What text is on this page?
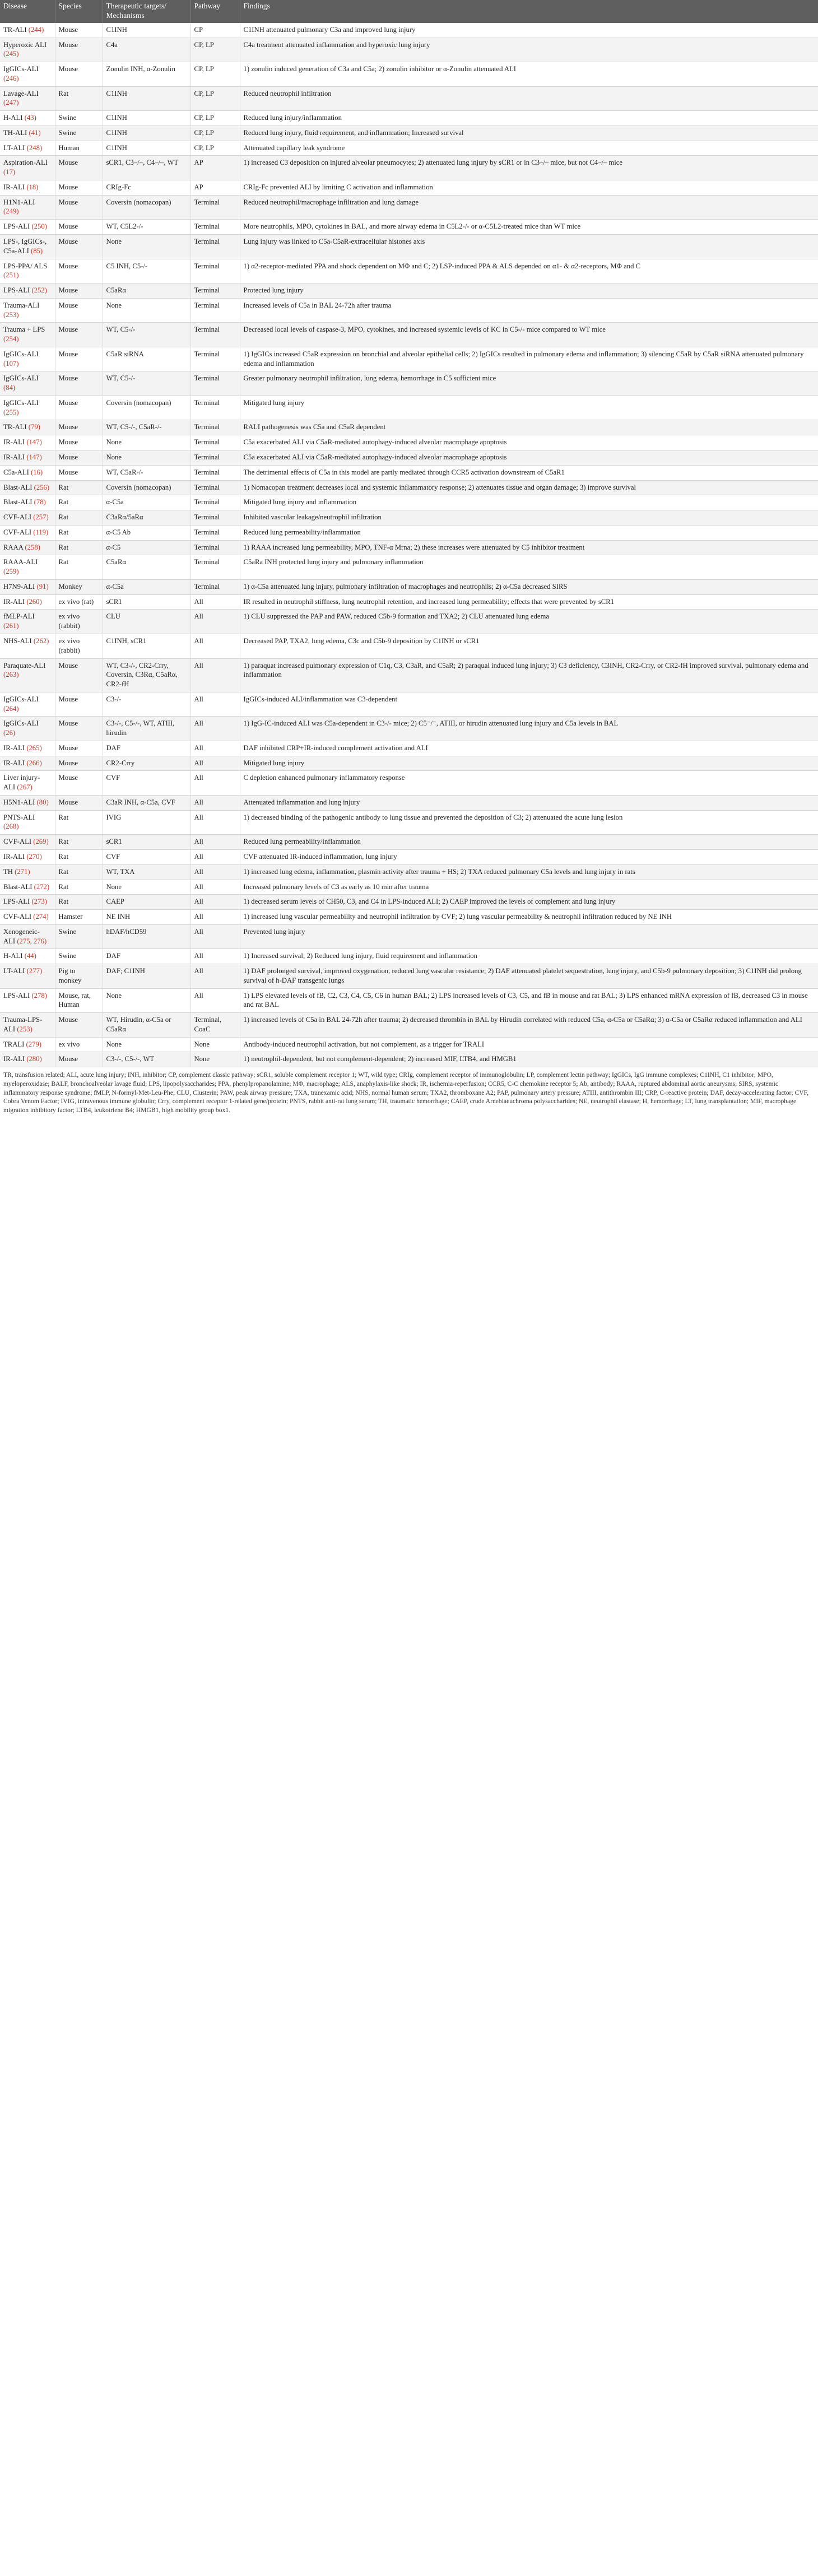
Disease	Species	Therapeutic targets/ Mechanisms	Pathway	Findings
TR-ALI (244)	Mouse	C1INH	CP	C1INH attenuated pulmonary C3a and improved lung injury
Hyperoxic ALI (245)	Mouse	C4a	CP, LP	C4a treatment attenuated inflammation and hyperoxic lung injury
IgGICs-ALI (246)	Mouse	Zonulin INH, α-Zonulin	CP, LP	1) zonulin induced generation of C3a and C5a; 2) zonulin inhibitor or α-Zonulin attenuated ALI
Lavage-ALI (247)	Rat	C1INH	CP, LP	Reduced neutrophil infiltration
H-ALI (43)	Swine	C1INH	CP, LP	Reduced lung injury/inflammation
TH-ALI (41)	Swine	C1INH	CP, LP	Reduced lung injury, fluid requirement, and inflammation; Increased survival
LT-ALI (248)	Human	C1INH	CP, LP	Attenuated capillary leak syndrome
Aspiration-ALI (17)	Mouse	sCR1, C3–/–, C4–/–, WT	AP	1) increased C3 deposition on injured alveolar pneumocytes; 2) attenuated lung injury by sCR1 or in C3–/– mice, but not C4–/– mice
IR-ALI (18)	Mouse	CRIg-Fc	AP	CRIg-Fc prevented ALI by limiting C activation and inflammation
H1N1-ALI (249)	Mouse	Coversin (nomacopan)	Terminal	Reduced neutrophil/macrophage infiltration and lung damage
LPS-ALI (250)	Mouse	WT, C5L2-/-	Terminal	More neutrophils, MPO, cytokines in BAL, and more airway edema in C5L2-/- or α-C5L2-treated mice than WT mice
LPS-, IgGICs-, C5a-ALI (85)	Mouse	None	Terminal	Lung injury was linked to C5a-C5aR-extracellular histones axis
LPS-PPA/ ALS (251)	Mouse	C5 INH, C5-/-	Terminal	1) α2-receptor-mediated PPA and shock dependent on MΦ and C; 2) LSP-induced PPA & ALS depended on α1- & α2-receptors, MΦ and C
LPS-ALI (252)	Mouse	C5aRα	Terminal	Protected lung injury
Trauma-ALI (253)	Mouse	None	Terminal	Increased levels of C5a in BAL 24-72h after trauma
Trauma + LPS (254)	Mouse	WT, C5-/-	Terminal	Decreased local levels of caspase-3, MPO, cytokines, and increased systemic levels of KC in C5-/- mice compared to WT mice
IgGICs-ALI (107)	Mouse	C5aR siRNA	Terminal	1) IgGICs increased C5aR expression on bronchial and alveolar epithelial cells; 2) IgGICs resulted in pulmonary edema and inflammation; 3) silencing C5aR by C5aR siRNA attenuated pulmonary edema and inflammation
IgGICs-ALI (84)	Mouse	WT, C5-/-	Terminal	Greater pulmonary neutrophil infiltration, lung edema, hemorrhage in C5 sufficient mice
IgGICs-ALI (255)	Mouse	Coversin (nomacopan)	Terminal	Mitigated lung injury
TR-ALI (79)	Mouse	WT, C5-/-, C5aR-/-	Terminal	RALI pathogenesis was C5a and C5aR dependent
IR-ALI (147)	Mouse	None	Terminal	C5a exacerbated ALI via C5aR-mediated autophagy-induced alveolar macrophage apoptosis
IR-ALI (147)	Mouse	None	Terminal	C5a exacerbated ALI via C5aR-mediated autophagy-induced alveolar macrophage apoptosis
C5a-ALI (16)	Mouse	WT, C5aR-/-	Terminal	The detrimental effects of C5a in this model are partly mediated through CCR5 activation downstream of C5aR1
Blast-ALI (256)	Rat	Coversin (nomacopan)	Terminal	1) Nomacopan treatment decreases local and systemic inflammatory response; 2) attenuates tissue and organ damage; 3) improve survival
Blast-ALI (78)	Rat	α-C5a	Terminal	Mitigated lung injury and inflammation
CVF-ALI (257)	Rat	C3aRα/5aRα	Terminal	Inhibited vascular leakage/neutrophil infiltration
CVF-ALI (119)	Rat	α-C5 Ab	Terminal	Reduced lung permeability/inflammation
RAAA (258)	Rat	α-C5	Terminal	1) RAAA increased lung permeability, MPO, TNF-α Mrna; 2) these increases were attenuated by C5 inhibitor treatment
RAAA-ALI (259)	Rat	C5aRα	Terminal	C5aRa INH protected lung injury and pulmonary inflammation
H7N9-ALI (91)	Monkey	α-C5a	Terminal	1) α-C5a attenuated lung injury, pulmonary infiltration of macrophages and neutrophils; 2) α-C5a decreased SIRS
IR-ALI (260)	ex vivo (rat)	sCR1	All	IR resulted in neutrophil stiffness, lung neutrophil retention, and increased lung permeability; effects that were prevented by sCR1
fMLP-ALI (261)	ex vivo (rabbit)	CLU	All	1) CLU suppressed the PAP and PAW, reduced C5b-9 formation and TXA2; 2) CLU attenuated lung edema
NHS-ALI (262)	ex vivo (rabbit)	C1INH, sCR1	All	Decreased PAP, TXA2, lung edema, C3c and C5b-9 deposition by C1INH or sCR1
Paraquate-ALI (263)	Mouse	WT, C3-/-, CR2-Crry, Coversin, C3Rα, C5aRα, CR2-fH	All	1) paraquat increased pulmonary expression of C1q, C3, C3aR, and C5aR; 2) paraqual induced lung injury; 3) C3 deficiency, C3INH, CR2-Crry, or CR2-fH improved survival, pulmonary edema and inflammation
IgGICs-ALI (264)	Mouse	C3-/-	All	IgGICs-induced ALI/inflammation was C3-dependent
IgGICs-ALI (26)	Mouse	C3-/-, C5-/-, WT, ATIII, hirudin	All	1) IgG-IC-induced ALI was C5a-dependent in C3-/- mice; 2) C5⁻/⁻, ATIII, or hirudin attenuated lung injury and C5a levels in BAL
IR-ALI (265)	Mouse	DAF	All	DAF inhibited CRP+IR-induced complement activation and ALI
IR-ALI (266)	Mouse	CR2-Crry	All	Mitigated lung injury
Liver injury-ALI (267)	Mouse	CVF	All	C depletion enhanced pulmonary inflammatory response
H5N1-ALI (80)	Mouse	C3aR INH, α-C5a, CVF	All	Attenuated inflammation and lung injury
PNTS-ALI (268)	Rat	IVIG	All	1) decreased binding of the pathogenic antibody to lung tissue and prevented the deposition of C3; 2) attenuated the acute lung lesion
CVF-ALI (269)	Rat	sCR1	All	Reduced lung permeability/inflammation
IR-ALI (270)	Rat	CVF	All	CVF attenuated IR-induced inflammation, lung injury
TH (271)	Rat	WT, TXA	All	1) increased lung edema, inflammation, plasmin activity after trauma + HS; 2) TXA reduced pulmonary C5a levels and lung injury in rats
Blast-ALI (272)	Rat	None	All	Increased pulmonary levels of C3 as early as 10 min after trauma
LPS-ALI (273)	Rat	CAEP	All	1) decreased serum levels of CH50, C3, and C4 in LPS-induced ALI; 2) CAEP improved the levels of complement and lung injury
CVF-ALI (274)	Hamster	NE INH	All	1) increased lung vascular permeability and neutrophil infiltration by CVF; 2) lung vascular permeability & neutrophil infiltration reduced by NE INH
Xenogeneic-ALI (275, 276)	Swine	hDAF/hCD59	All	Prevented lung injury
H-ALI (44)	Swine	DAF	All	1) Increased survival; 2) Reduced lung injury, fluid requirement and inflammation
LT-ALI (277)	Pig to monkey	DAF; C1INH	All	1) DAF prolonged survival, improved oxygenation, reduced lung vascular resistance; 2) DAF attenuated platelet sequestration, lung injury, and C5b-9 pulmonary deposition; 3) C1INH did prolong survival of h-DAF transgenic lungs
LPS-ALI (278)	Mouse, rat, Human	None	All	1) LPS elevated levels of fB, C2, C3, C4, C5, C6 in human BAL; 2) LPS increased levels of C3, C5, and fB in mouse and rat BAL; 3) LPS enhanced mRNA expression of fB, decreased C3 in mouse and rat BAL
Trauma-LPS-ALI (253)	Mouse	WT, Hirudin, α-C5a or C5aRα	Terminal, CoaC	1) increased levels of C5a in BAL 24-72h after trauma; 2) decreased thrombin in BAL by Hirudin correlated with reduced C5a, α-C5a or C5aRα; 3) α-C5a or C5aRα reduced inflammation and ALI
TRALI (279)	ex vivo	None	None	Antibody-induced neutrophil activation, but not complement, as a trigger for TRALI
IR-ALI (280)	Mouse	C3-/-, C5-/-, WT	None	1) neutrophil-dependent, but not complement-dependent; 2) increased MIF, LTB4, and HMGB1
TR, transfusion related; ALI, acute lung injury; INH, inhibitor; CP, complement classic pathway; sCR1, soluble complement receptor 1; WT, wild type; CRIg, complement receptor of immunoglobulin; LP, complement lectin pathway; IgGICs, IgG immune complexes; C1INH, C1 inhibitor; MPO, myeloperoxidase; BALF, bronchoalveolar lavage fluid; LPS, lipopolysaccharides; PPA, phenylpropanolamine; MΦ, macrophage; ALS, anaphylaxis-like shock; IR, ischemia-reperfusion; CCR5, C-C chemokine receptor 5; Ab, antibody; RAAA, ruptured abdominal aortic aneurysms; SIRS, systemic inflammatory response syndrome; fMLP, N-formyl-Met-Leu-Phe; CLU, Clusterin; PAW, peak airway pressure; TXA, tranexamic acid; NHS, normal human serum; TXA2, thromboxane A2; PAP, pulmonary artery pressure; ATIII, antithrombin III; CRP, C-reactive protein; DAF, decay-accelerating factor; CVF, Cobra Venom Factor; IVIG, intravenous immune globulin; Crry, complement receptor 1-related gene/protein; PNTS, rabbit anti-rat lung serum; TH, traumatic hemorrhage; CAEP, crude Arnebiaeuchroma polysaccharides; NE, neutrophil elastase; H, hemorrhage; LT, lung transplantation; MIF, macrophage migration inhibitory factor; LTB4, leukotriene B4; HMGB1, high mobility group box1.
